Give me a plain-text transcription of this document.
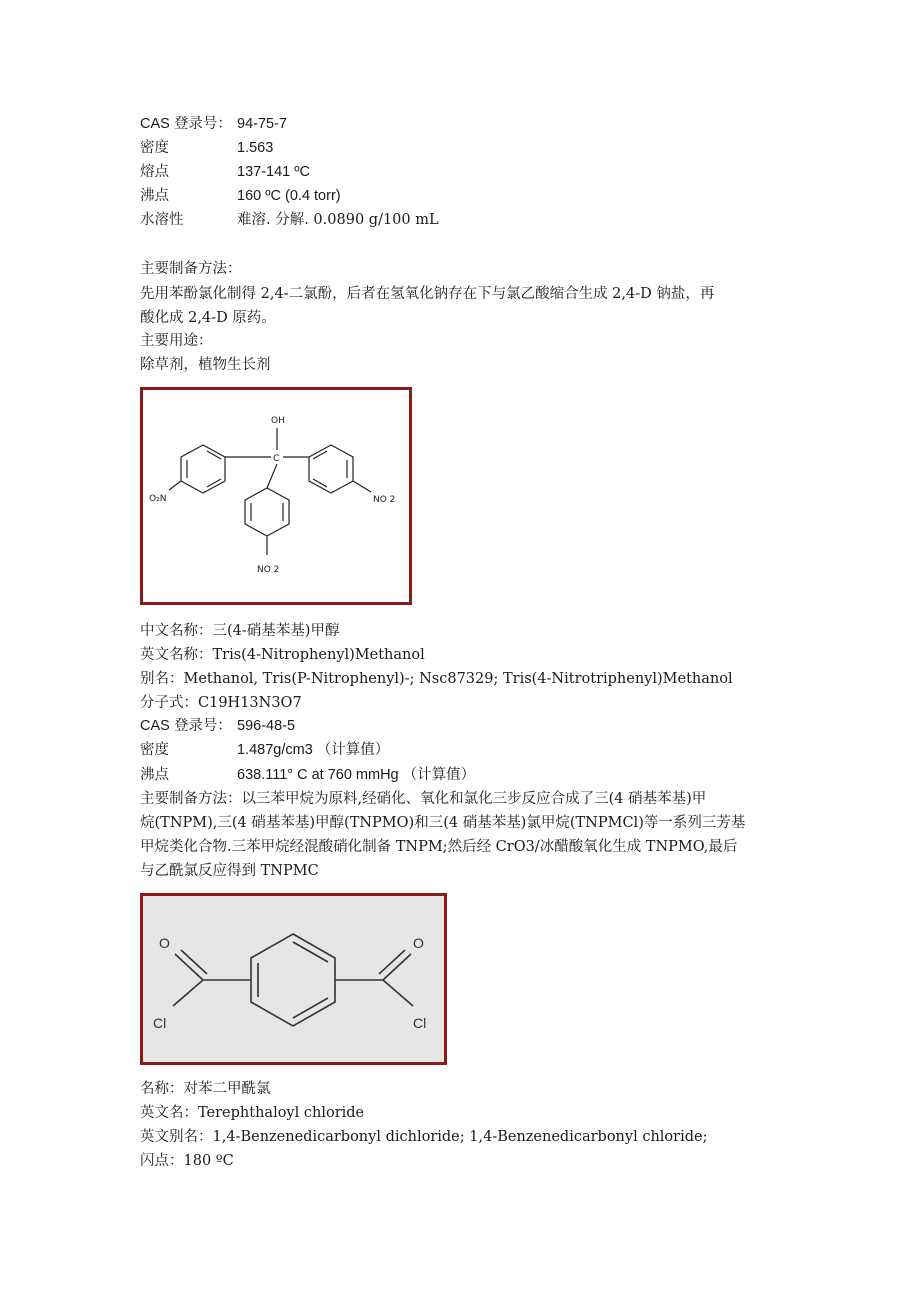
CAS 登录号： 94-75-7
密度	1.563
熔点	137-141 ºC
沸点	160 ºC (0.4 torr)
水溶性	难溶. 分解. 0.0890 g/100 mL
主要制备方法：
先用苯酚氯化制得 2,4-二氯酚，后者在氢氧化钠存在下与氯乙酸缩合生成 2,4-D 钠盐，再
酸化成 2,4-D 原药。
主要用途：
除草剂，植物生长剂
OH
C
O₂N	NO 2
NO 2
中文名称：三(4-硝基苯基)甲醇
英文名称：Tris(4-Nitrophenyl)Methanol
别名：Methanol, Tris(P-Nitrophenyl)-; Nsc87329; Tris(4-Nitrotriphenyl)Methanol
分子式：C19H13N3O7
CAS 登录号： 596-48-5
密度	1.487g/cm3 （计算值）
沸点	638.111° C at 760 mmHg （计算值）
主要制备方法：以三苯甲烷为原料,经硝化、氧化和氯化三步反应合成了三(4 硝基苯基)甲
烷(TNPM),三(4 硝基苯基)甲醇(TNPMO)和三(4 硝基苯基)氯甲烷(TNPMCl)等一系列三芳基
甲烷类化合物.三苯甲烷经混酸硝化制备 TNPM;然后经 CrO3/冰醋酸氧化生成 TNPMO,最后
与乙酰氯反应得到 TNPMC
O	O
Cl	Cl
名称：对苯二甲酰氯
英文名：Terephthaloyl chloride
英文别名：1,4-Benzenedicarbonyl dichloride; 1,4-Benzenedicarbonyl chloride;
闪点：180 ºC
